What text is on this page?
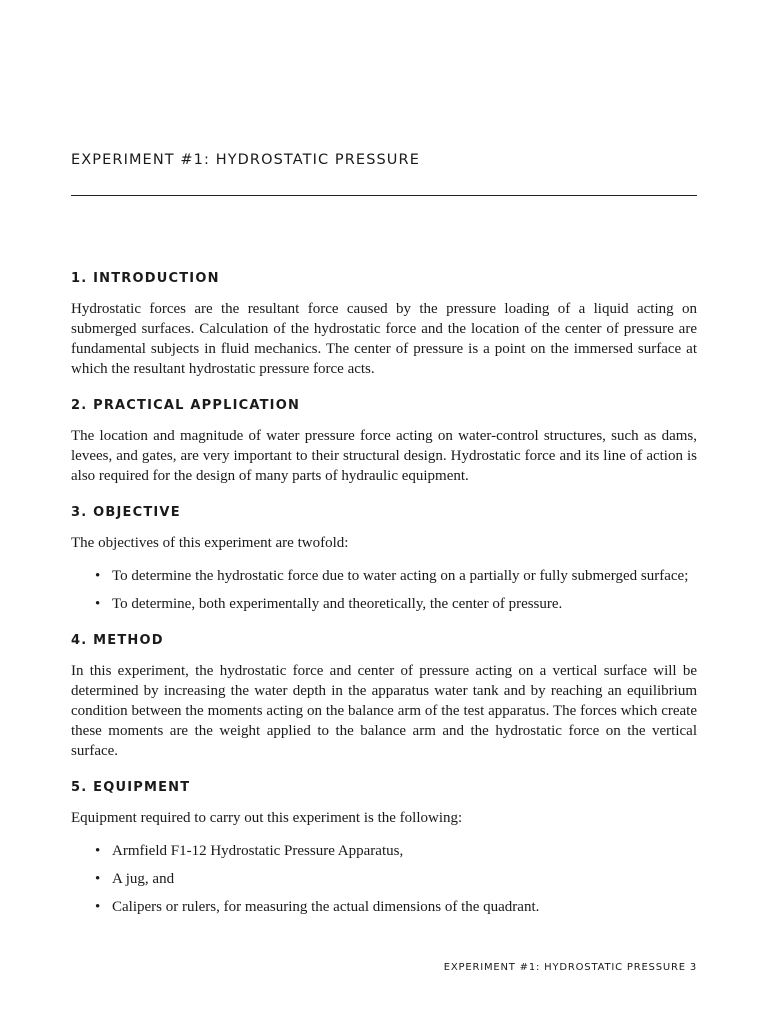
EXPERIMENT #1: HYDROSTATIC PRESSURE
1. INTRODUCTION

Hydrostatic forces are the resultant force caused by the pressure loading of a liquid acting on submerged surfaces. Calculation of the hydrostatic force and the location of the center of pressure are fundamental subjects in fluid mechanics. The center of pressure is a point on the immersed surface at which the resultant hydrostatic pressure force acts.

2. PRACTICAL APPLICATION

The location and magnitude of water pressure force acting on water-control structures, such as dams, levees, and gates, are very important to their structural design. Hydrostatic force and its line of action is also required for the design of many parts of hydraulic equipment.

3. OBJECTIVE

The objectives of this experiment are twofold:

• To determine the hydrostatic force due to water acting on a partially or fully submerged surface;
• To determine, both experimentally and theoretically, the center of pressure.
4. METHOD

In this experiment, the hydrostatic force and center of pressure acting on a vertical surface will be determined by increasing the water depth in the apparatus water tank and by reaching an equilibrium condition between the moments acting on the balance arm of the test apparatus. The forces which create these moments are the weight applied to the balance arm and the hydrostatic force on the vertical surface.

5. EQUIPMENT

Equipment required to carry out this experiment is the following:

• Armfield F1-12 Hydrostatic Pressure Apparatus,
• A jug, and
• Calipers or rulers, for measuring the actual dimensions of the quadrant.
EXPERIMENT #1: HYDROSTATIC PRESSURE 3
